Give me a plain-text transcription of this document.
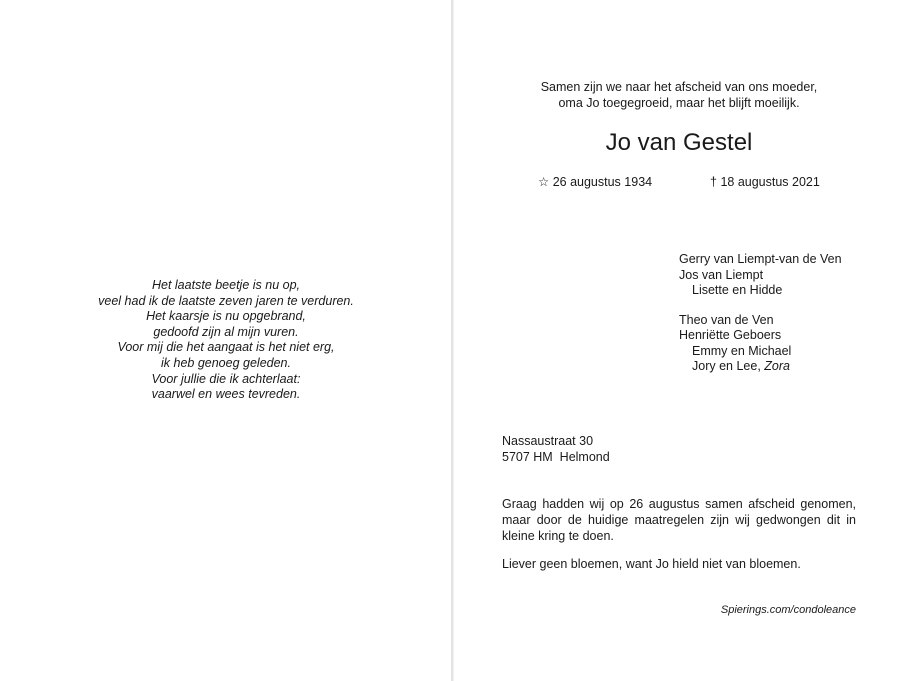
Het laatste beetje is nu op,
veel had ik de laatste zeven jaren te verduren.
Het kaarsje is nu opgebrand,
gedoofd zijn al mijn vuren.
Voor mij die het aangaat is het niet erg,
ik heb genoeg geleden.
Voor jullie die ik achterlaat:
vaarwel en wees tevreden.
Samen zijn we naar het afscheid van ons moeder,
oma Jo toegegroeid, maar het blijft moeilijk.
Jo van Gestel
☆ 26 augustus 1934	† 18 augustus 2021
Gerry van Liempt-van de Ven
Jos van Liempt
Lisette en Hidde
Theo van de Ven
Henriëtte Geboers
Emmy en Michael
Jory en Lee, Zora
Nassaustraat 30
5707 HM  Helmond
Graag hadden wij op 26 augustus samen afscheid genomen, maar door de huidige maatregelen zijn wij gedwongen dit in kleine kring te doen.
Liever geen bloemen, want Jo hield niet van bloemen.
Spierings.com/condoleance
